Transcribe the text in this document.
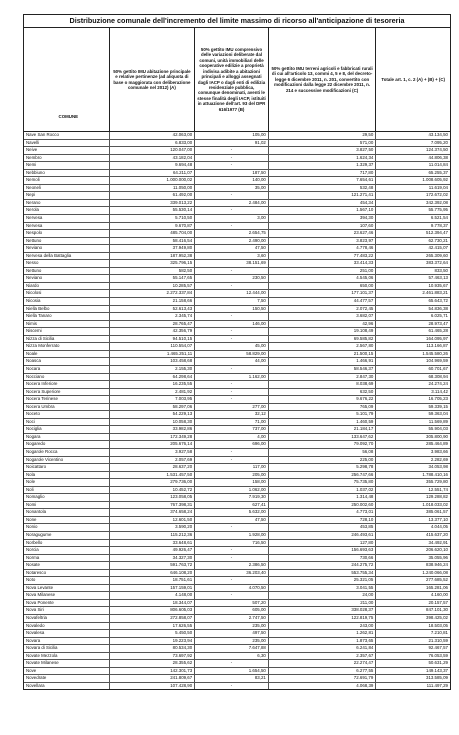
Distribuzione comunale dell'incremento del limite massimo di ricorso all'anticipazione di tesoreria
COMUNE
50% gettito IMU abitazione principale e relative pertinenze (ad aliquota di base o maggiorata con deliberazione comunale nel 2012) (A)
50% gettito IMU comprensivo delle variazioni deliberate dal comuni, unità immobiliari delle cooperative edilizie a proprietà indivisa adibite a abitazioni principali e alloggi assegnati dagli IACP o dagli enti di edilizia residenziale pubblica, comunque denominati, aventi le stesse finalità degli IACP, istituiti in attuazione dell'art. 93 del DPR 616/1977 (B)
50% gettito IMU terreni agricoli e fabbricati rurali di cui all'articolo 13, commi 4, 5 e 8, del decreto-legge 6 dicembre 2011, n. 201, convertito con modificazioni dalla legge 22 dicembre 2011, n. 214 e successive modificazioni (C)
Totale art. 1, c. 2 (A) + (B) + (C)
Nave San Rocco	42.063,00	105,00	29,50	43.134,50
Navelli	6.833,00	91,02	571,00	7.095,20
Neive	120.047,00	-	3.827,50	124.374,50
Nembro	43.182,04	-	1.624,34	44.806,38
Nemi	9.694,48	-	1.329,37	11.014,84
Nebbiuno	64.211,07	187,50	717,80	65.255,37
Nemoli	1.000.000,02	140,00	7.654,61	1.008.605,92
Neoneli	11.050,00	35,00	532,48	11.619,04
Nepi	61.492,00	-	121.271,41	172.672,02
Nerano	339.013,22	2.484,00	454,34	342.392,08
Nerola	55.530,14	-	1.567,10	55.775,95
Nervesa	5.710,50	3,00	394,30	6.521,54
Nervesa	9.670,87	-	107,60	9.778,37
Nespolo	485.704,00	2.654,75	23.627,46	512.394,47
Nettuno	58.416,54	2.490,00	3.823,97	62.730,21
Neviano	37.949,80	47,50	4.778,46	42.415,07
Nervesa della Battaglia	187.952,38	3,60	77.483,22	265.309,60
Nesso	325.796,15	38.151,69	33.414,33	383.372,64
Nettuno	582,50	-	251,00	833,50
Neviano	55.147,65	230,50	4.545,06	57.463,13
Niardo	10.285,57	-	650,00	10.935,67
Nicolosi	2.272.337,84	12.444,00	177.101,37	2.461.883,21
Nicosia	21.158,66	7,50	44.477,57	65.643,72
Niella Belbo	52.613,43	150,50	2.072,45	54.836,38
Niella Tanaro	2.345,74	-	3.682,07	6.025,71
Nimis	28.765,47	146,00	42,96	28.973,47
Niscemi	42.356,79	-	19.108,49	61.465,28
Nizza di Sicilia	94.510,15	-	69.585,82	164.095,97
Nizza Monferrato	110.554,07	45,00	2.567,80	113.166,87
Noale	1.465.251,11	58.829,00	21.500,15	1.545.580,26
Noasca	103.458,68	44,00	1.466,91	104.969,59
Nocara	2.155,30	-	58.546,37	60.701,67
Nocciano	64.298,64	1.162,00	2.847,30	68.308,94
Nocera Inferiore	16.235,55	-	8.038,69	24.274,24
Nocera Superiore	2.481,92	-	632,50	3.114,42
Nocera Terinese	7.003,95	-	9.676,22	16.705,23
Nocera Umbra	58.297,06	277,00	765,09	59.339,15
Noceto	54.229,13	32,12	5.101,79	59.363,04
Noci	10.058,30	71,00	1.460,59	11.569,89
Nociglia	33.982,86	737,00	21.184,17	55.904,03
Nogara	172.349,28	4,00	133.647,62	305.800,90
Nogaredo	205.676,14	696,00	79.092,70	285.464,89
Nogarole Rocca	3.927,58	-	56,08	3.983,66
Nogarole Vicentino	2.057,69	-	225,00	2.282,69
Noicattaro	28.637,20	117,00	5.298,78	34.053,98
Nola	1.531.457,50	205,00	256.747,66	1.788.410,16
Nole	279.736,00	158,00	75.735,80	355.729,80
Noli	10.452,72	1.062,00	1.037,02	12.551,74
Nomaglio	123.058,05	7.919,30	1.314,48	129.288,82
Nomi	767.398,31	627,41	250.002,60	1.018.033,02
Nonantola	374.658,24	5.632,00	4.773,01	385.061,57
None	12.601,50	47,50	728,10	13.377,10
Nonio	3.590,20	-	453,85	4.044,05
Noragugume	115.212,36	1.928,00	246.493,61	415.637,20
Norbello	33.648,61	716,50	127,80	34.492,91
Norcia	49.926,47	-	156.693,63	206.620,10
Norma	34.327,30	-	730,66	35.055,96
Nosate	591.763,72	2.386,50	244.275,72	838.946,24
Notaresco	646.108,20	36.203,40	553.755,34	1.240.066,08
Noto	18.751,61	-	25.321,05	277.685,52
Nova Levante	157.159,01	4.070,50	3.041,55	165.281,06
Nova Milanese	4.148,00	-	24,00	4.160,00
Nova Ponente	18.344,07	507,20	211,00	20.157,57
Nova Siri	806.605,03	605,00	338.028,37	847.101,30
Novafeltria	272.858,07	2.747,50	122.819,75	398.425,02
Novaledo	17.626,55	235,00	243,00	18.503,05
Novalesa	5.450,50	497,50	1.262,81	7.210,81
Novara	19.223,94	235,00	1.873,65	21.310,59
Novara di Sicilia	80.534,30	7.647,88	6.241,84	92.467,57
Novate Mezzola	73.697,92	6,30	2.357,67	76.053,59
Novate Milanese	28.355,62	-	22.274,47	50.631,29
Nove	142.301,73	1.654,50	6.277,55	149.143,37
Novedrate	241.809,67	83,21	72.691,79	313.585,09
Novellara	107.428,90	-	4.068,39	111.497,29
